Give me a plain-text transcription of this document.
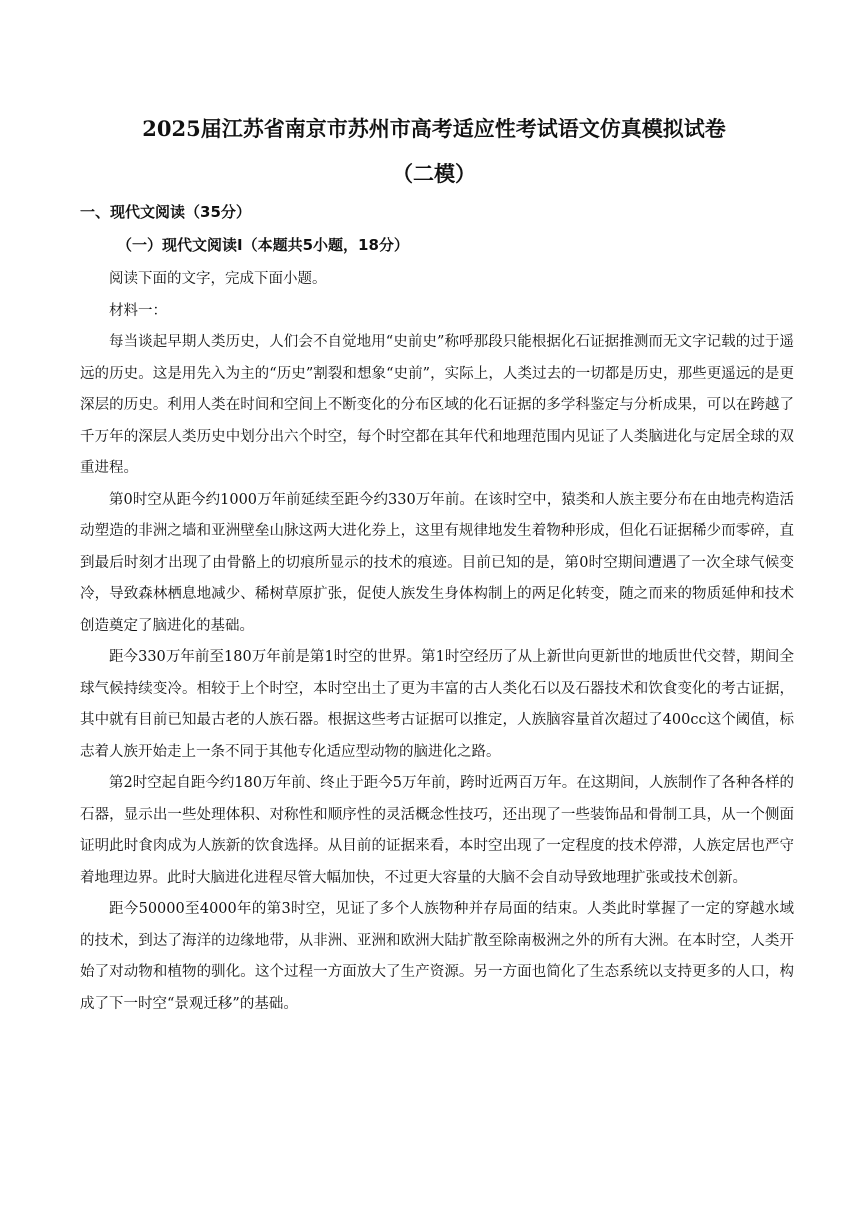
2025届江苏省南京市苏州市高考适应性考试语文仿真模拟试卷
（二模）
一、现代文阅读（35分）
（一）现代文阅读Ⅰ（本题共5小题，18分）

阅读下面的文字，完成下面小题。

材料一：

每当谈起早期人类历史，人们会不自觉地用“史前史”称呼那段只能根据化石证据推测而无文字记载的过于遥远的历史。这是用先入为主的“历史”割裂和想象“史前”，实际上，人类过去的一切都是历史，那些更遥远的是更深层的历史。利用人类在时间和空间上不断变化的分布区域的化石证据的多学科鉴定与分析成果，可以在跨越了千万年的深层人类历史中划分出六个时空，每个时空都在其年代和地理范围内见证了人类脑进化与定居全球的双重进程。

第0时空从距今约1000万年前延续至距今约330万年前。在该时空中，猿类和人族主要分布在由地壳构造活动塑造的非洲之墙和亚洲壁垒山脉这两大进化券上，这里有规律地发生着物种形成，但化石证据稀少而零碎，直到最后时刻才出现了由骨骼上的切痕所显示的技术的痕迹。目前已知的是，第0时空期间遭遇了一次全球气候变冷，导致森林栖息地减少、稀树草原扩张，促使人族发生身体构制上的两足化转变，随之而来的物质延伸和技术创造奠定了脑进化的基础。

距今330万年前至180万年前是第1时空的世界。第1时空经历了从上新世向更新世的地质世代交替，期间全球气候持续变冷。相较于上个时空，本时空出土了更为丰富的古人类化石以及石器技术和饮食变化的考古证据，其中就有目前已知最古老的人族石器。根据这些考古证据可以推定，人族脑容量首次超过了400cc这个阈值，标志着人族开始走上一条不同于其他专化适应型动物的脑进化之路。

第2时空起自距今约180万年前、终止于距今5万年前，跨时近两百万年。在这期间，人族制作了各种各样的石器，显示出一些处理体积、对称性和顺序性的灵活概念性技巧，还出现了一些装饰品和骨制工具，从一个侧面证明此时食肉成为人族新的饮食选择。从目前的证据来看，本时空出现了一定程度的技术停滞，人族定居也严守着地理边界。此时大脑进化进程尽管大幅加快，不过更大容量的大脑不会自动导致地理扩张或技术创新。

距今50000至4000年的第3时空，见证了多个人族物种并存局面的结束。人类此时掌握了一定的穿越水域的技术，到达了海洋的边缘地带，从非洲、亚洲和欧洲大陆扩散至除南极洲之外的所有大洲。在本时空，人类开始了对动物和植物的驯化。这个过程一方面放大了生产资源。另一方面也简化了生态系统以支持更多的人口，构成了下一时空“景观迁移”的基础。
